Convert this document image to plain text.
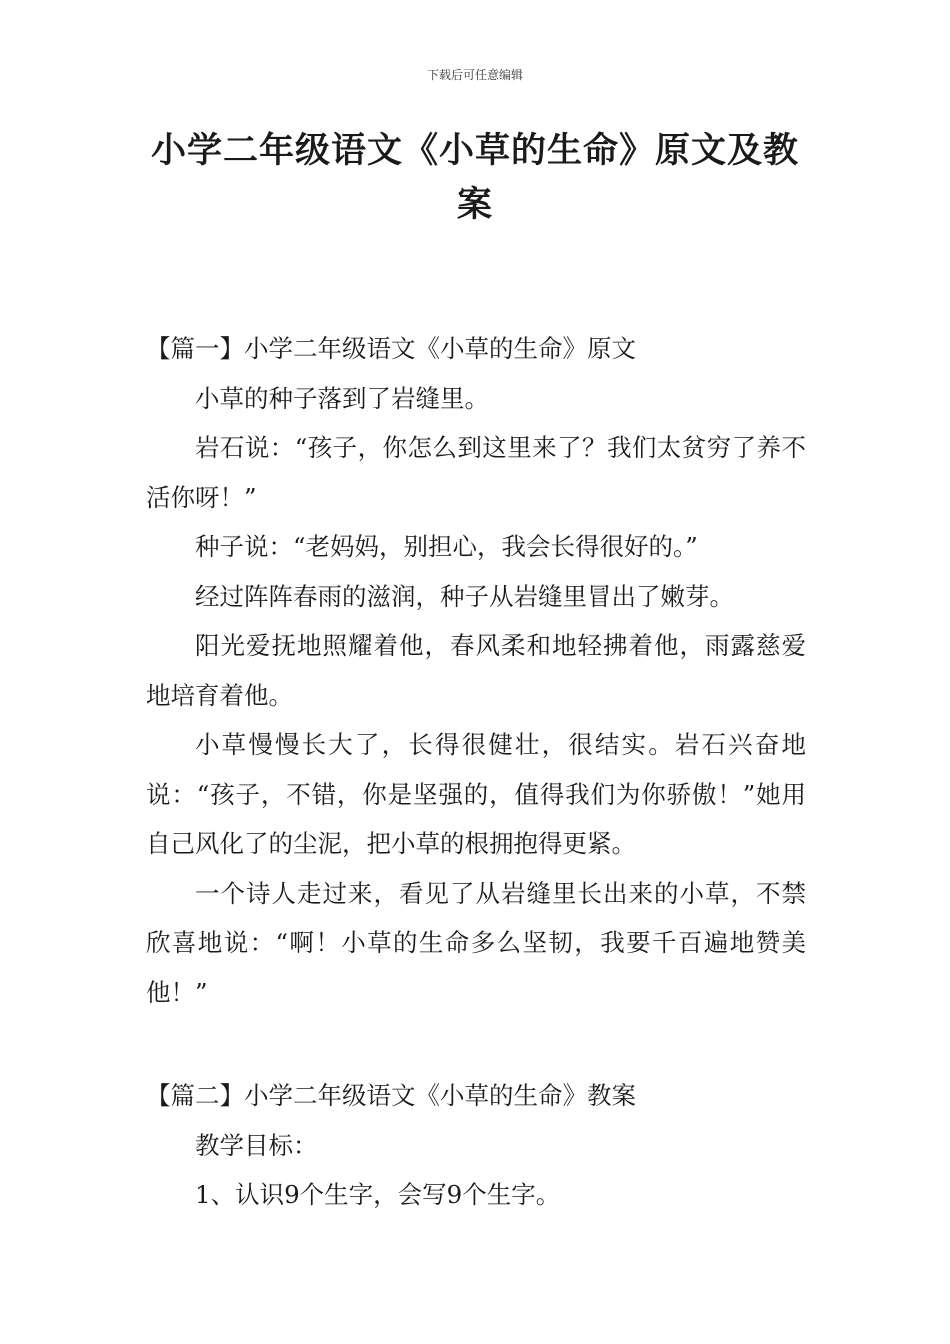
下载后可任意编辑
小学二年级语文《小草的生命》原文及教案

【篇一】小学二年级语文《小草的生命》原文

小草的种子落到了岩缝里。

岩石说：“孩子，你怎么到这里来了？我们太贫穷了养不活你呀！”

种子说：“老妈妈，别担心，我会长得很好的。”

经过阵阵春雨的滋润，种子从岩缝里冒出了嫩芽。

阳光爱抚地照耀着他，春风柔和地轻拂着他，雨露慈爱地培育着他。

小草慢慢长大了，长得很健壮，很结实。岩石兴奋地说：“孩子，不错，你是坚强的，值得我们为你骄傲！”她用自己风化了的尘泥，把小草的根拥抱得更紧。

一个诗人走过来，看见了从岩缝里长出来的小草，不禁欣喜地说：“啊！小草的生命多么坚韧，我要千百遍地赞美他！”

【篇二】小学二年级语文《小草的生命》教案

教学目标：

1、认识9个生字，会写9个生字。
